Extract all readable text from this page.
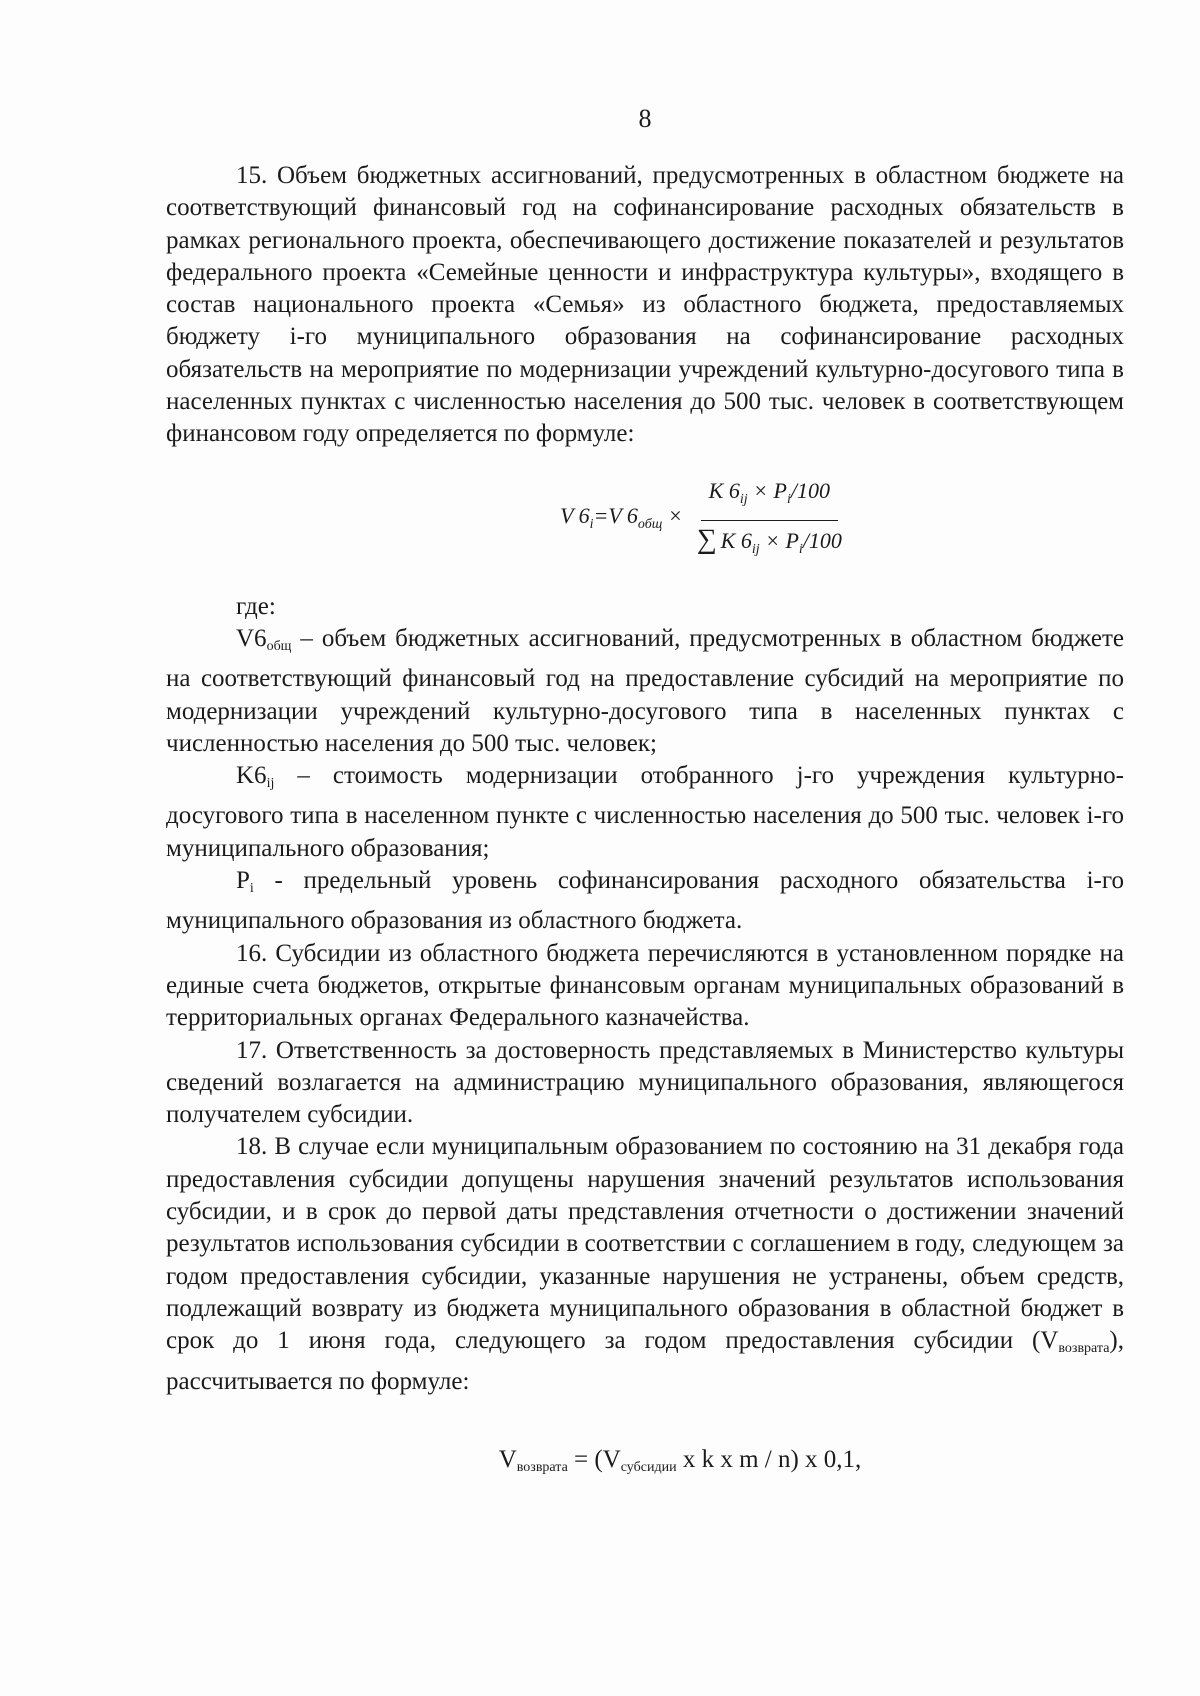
8

15. Объем бюджетных ассигнований, предусмотренных в областном бюджете на соответствующий финансовый год на софинансирование расходных обязательств в рамках регионального проекта, обеспечивающего достижение показателей и результатов федерального проекта «Семейные ценности и инфраструктура культуры», входящего в состав национального проекта «Семья» из областного бюджета, предоставляемых бюджету i-го муниципального образования на софинансирование расходных обязательств на мероприятие по модернизации учреждений культурно-досугового типа в населенных пунктах с численностью населения до 500 тыс. человек в соответствующем финансовом году определяется по формуле:

V $6_i=V$ $6_{общ} \times \frac{K 6_{ij} \times P_i/100}{\sum K 6_{ij} \times P_i/100}$

где:

V6общ – объем бюджетных ассигнований, предусмотренных в областном бюджете на соответствующий финансовый год на предоставление субсидий на мероприятие по модернизации учреждений культурно-досугового типа в населенных пунктах с численностью населения до 500 тыс. человек;

K6ij – стоимость модернизации отобранного j-го учреждения культурно-досугового типа в населенном пункте с численностью населения до 500 тыс. человек i-го муниципального образования;

Pi - предельный уровень софинансирования расходного обязательства i-го муниципального образования из областного бюджета.

16. Субсидии из областного бюджета перечисляются в установленном порядке на единые счета бюджетов, открытые финансовым органам муниципальных образований в территориальных органах Федерального казначейства.

17. Ответственность за достоверность представляемых в Министерство культуры сведений возлагается на администрацию муниципального образования, являющегося получателем субсидии.

18. В случае если муниципальным образованием по состоянию на 31 декабря года предоставления субсидии допущены нарушения значений результатов использования субсидии, и в срок до первой даты представления отчетности о достижении значений результатов использования субсидии в соответствии с соглашением в году, следующем за годом предоставления субсидии, указанные нарушения не устранены, объем средств, подлежащий возврату из бюджета муниципального образования в областной бюджет в срок до 1 июня года, следующего за годом предоставления субсидии (Vвозврата), рассчитывается по формуле:

Vвозврата = (Vсубсидии x k x m / n) x 0,1,
